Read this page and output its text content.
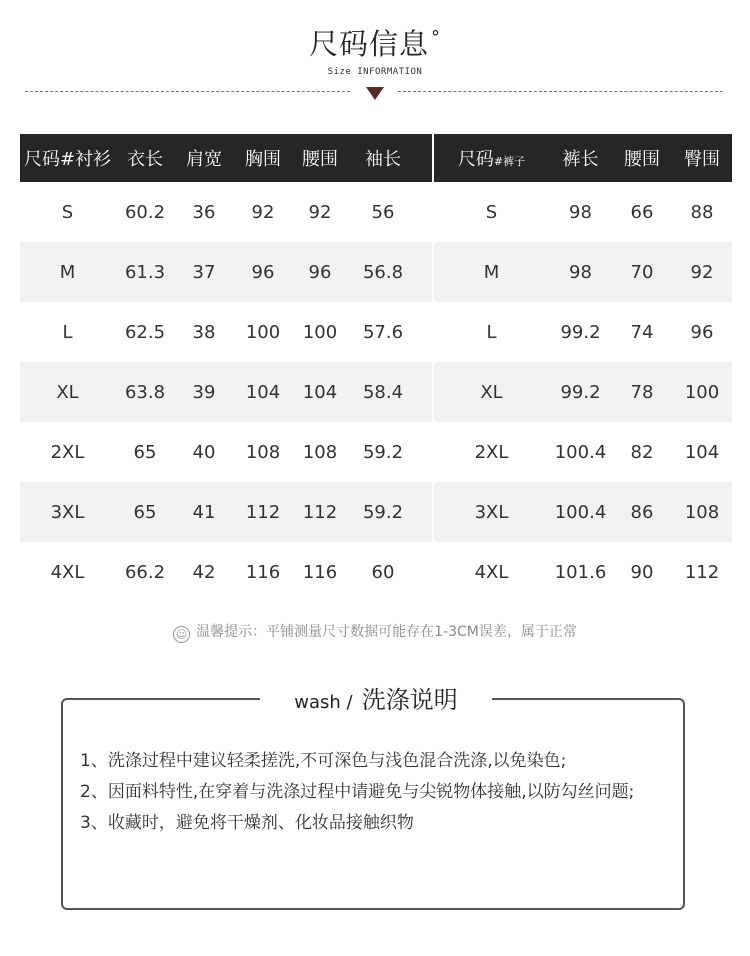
尺码信息 °
Size INFORMATION
尺码#衬衫 衣长	肩宽	胸围	腰围	袖长
S	60.2	36	92	92	56
M	61.3	37	96	96	56.8
L	62.5	38	100	100	57.6
XL	63.8	39	104	104	58.4
2XL	65	40	108	108	59.2
3XL	65	41	112	112	59.2
4XL	66.2	42	116	116	60
尺码#裤子	裤长	腰围	臀围
S	98	66	88
M	98	70	92
L	99.2	74	96
XL	99.2	78	100
2XL	100.4	82	104
3XL	100.4	86	108
4XL	101.6	90	112
☺ 温馨提示：平铺测量尺寸数据可能存在1-3CM误差，属于正常
wash / 洗涤说明
1、洗涤过程中建议轻柔搓洗,不可深色与浅色混合洗涤,以免染色;
2、因面料特性,在穿着与洗涤过程中请避免与尖锐物体接触,以防勾丝问题;
3、收藏时，避免将干燥剂、化妆品接触织物
